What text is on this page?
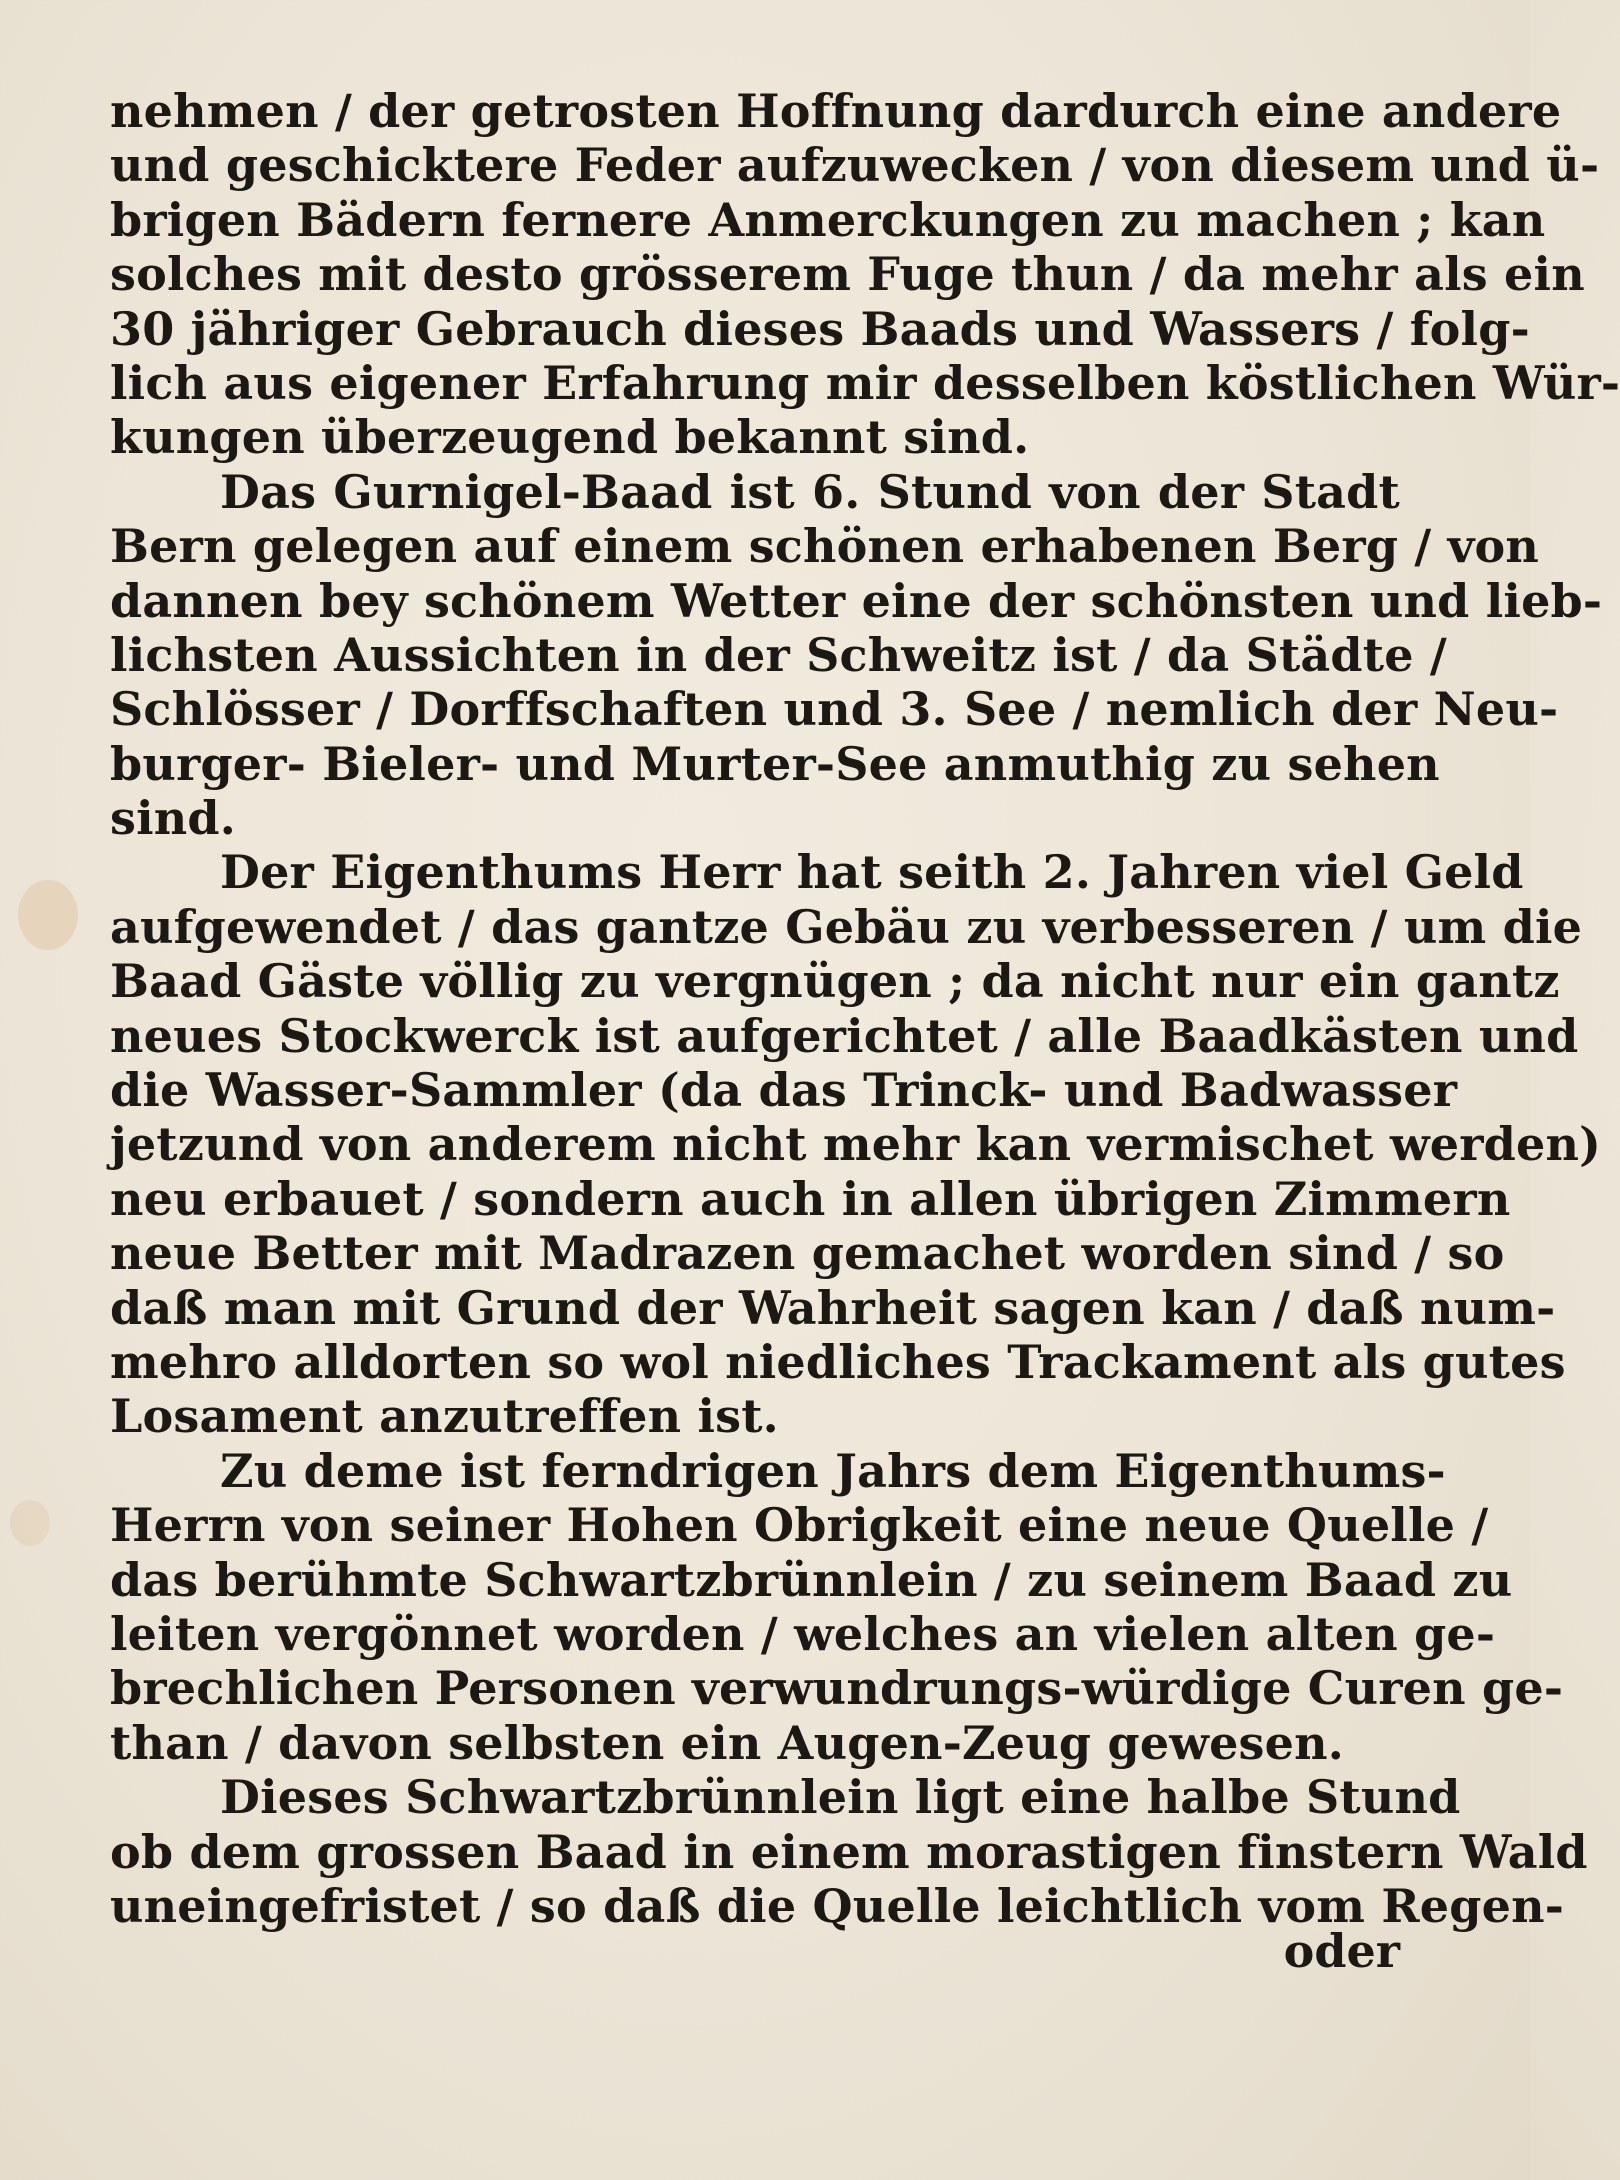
nehmen / der getrosten Hoffnung dardurch eine andere
und geschicktere Feder aufzuwecken / von diesem und ü-
brigen Bädern fernere Anmerckungen zu machen ; kan
solches mit desto grösserem Fuge thun / da mehr als ein
30 jähriger Gebrauch dieses Baads und Wassers / folg-
lich aus eigener Erfahrung mir desselben köstlichen Wür-
kungen überzeugend bekannt sind.
Das Gurnigel-Baad ist 6. Stund von der Stadt
Bern gelegen auf einem schönen erhabenen Berg / von
dannen bey schönem Wetter eine der schönsten und lieb-
lichsten Aussichten in der Schweitz ist / da Städte /
Schlösser / Dorffschaften und 3. See / nemlich der Neu-
burger- Bieler- und Murter-See anmuthig zu sehen
sind.
Der Eigenthums Herr hat seith 2. Jahren viel Geld
aufgewendet / das gantze Gebäu zu verbesseren / um die
Baad Gäste völlig zu vergnügen ; da nicht nur ein gantz
neues Stockwerck ist aufgerichtet / alle Baadkästen und
die Wasser-Sammler (da das Trinck- und Badwasser
jetzund von anderem nicht mehr kan vermischet werden)
neu erbauet / sondern auch in allen übrigen Zimmern
neue Better mit Madrazen gemachet worden sind / so
daß man mit Grund der Wahrheit sagen kan / daß num-
mehro alldorten so wol niedliches Trackament als gutes
Losament anzutreffen ist.
Zu deme ist ferndrigen Jahrs dem Eigenthums-
Herrn von seiner Hohen Obrigkeit eine neue Quelle /
das berühmte Schwartzbrünnlein / zu seinem Baad zu
leiten vergönnet worden / welches an vielen alten ge-
brechlichen Personen verwundrungs-würdige Curen ge-
than / davon selbsten ein Augen-Zeug gewesen.
Dieses Schwartzbrünnlein ligt eine halbe Stund
ob dem grossen Baad in einem morastigen finstern Wald
uneingefristet / so daß die Quelle leichtlich vom Regen-
oder
